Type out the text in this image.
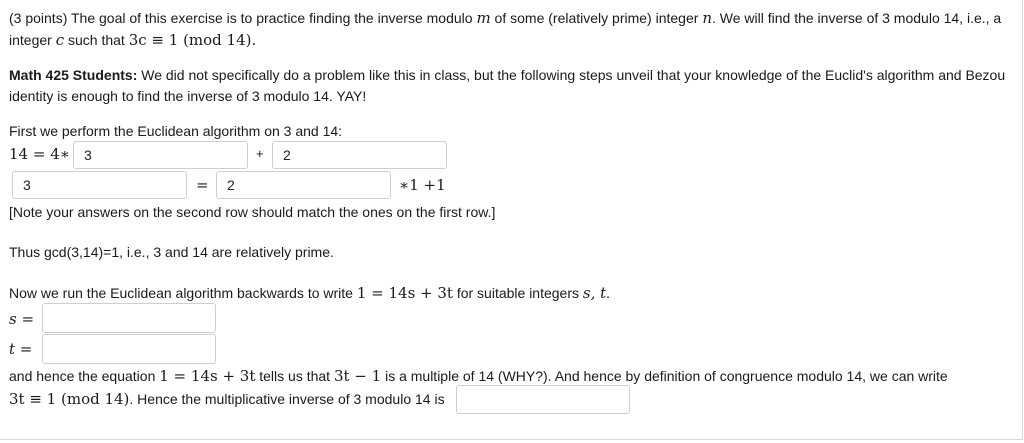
(3 points) The goal of this exercise is to practice finding the inverse modulo m of some (relatively prime) integer n. We will find the inverse of 3 modulo 14, i.e., a
integer c such that 3c ≡ 1 (mod 14).
Math 425 Students: We did not specifically do a problem like this in class, but the following steps unveil that your knowledge of the Euclid's algorithm and Bezou
identity is enough to find the inverse of 3 modulo 14. YAY!
First we perform the Euclidean algorithm on 3 and 14:
14 = 4∗
3	+
2
3
=
2	∗1 +1
[Note your answers on the second row should match the ones on the first row.]
Thus gcd(3,14)=1, i.e., 3 and 14 are relatively prime.
Now we run the Euclidean algorithm backwards to write 1 = 14s + 3t for suitable integers s, t.
s =
t =
and hence the equation 1 = 14s + 3t tells us that 3t − 1 is a multiple of 14 (WHY?). And hence by definition of congruence modulo 14, we can write
3t ≡ 1 (mod 14). Hence the multiplicative inverse of 3 modulo 14 is
